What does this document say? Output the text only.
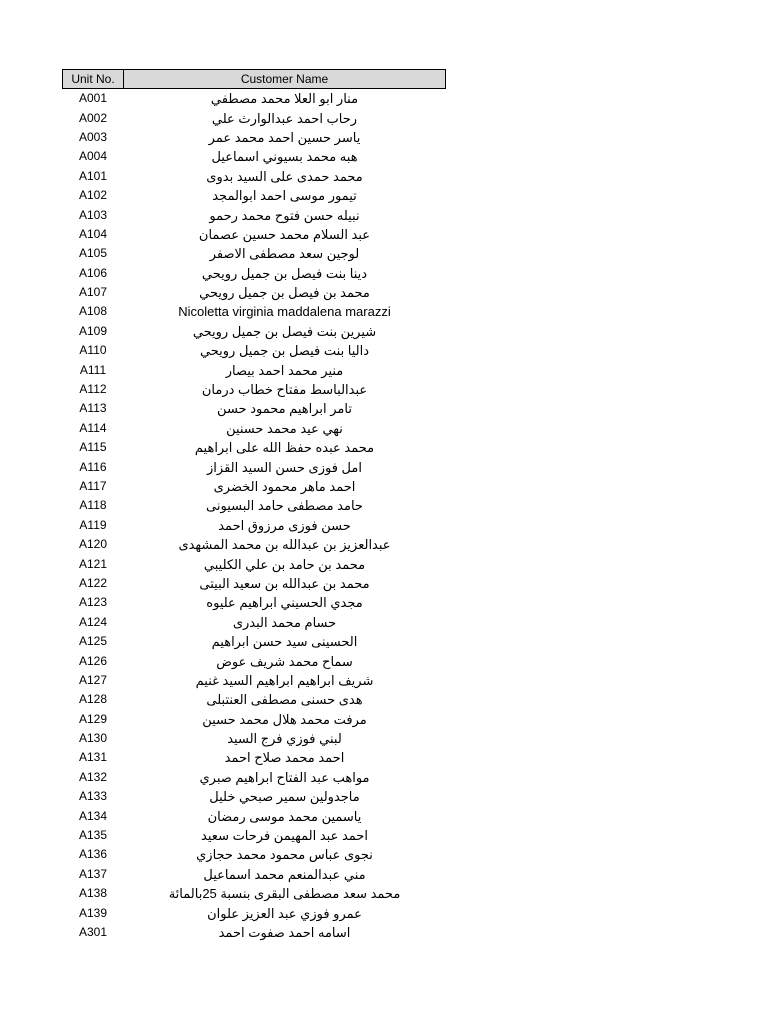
Unit No.	Customer Name
A001	منار ابو العلا محمد مصطفي
A002	رحاب احمد عبدالوارث علي
A003	ياسر حسين احمد محمد عمر
A004	هبه محمد بسيوني اسماعيل
A101	محمد حمدى على السيد بدوى
A102	تيمور موسى احمد ابوالمجد
A103	نبيله حسن فتوح محمد رحمو
A104	عبد السلام محمد حسين عصمان
A105	لوجين سعد مصطفى الاصفر
A106	دينا بنت فيصل بن جميل رويحي
A107	محمد بن فيصل بن جميل رويحي
A108	Nicoletta virginia maddalena marazzi
A109	شيرين بنت فيصل بن جميل رويحي
A110	داليا بنت فيصل بن جميل رويحي
A111	منير محمد احمد بيصار
A112	عبدالباسط مفتاح خطاب درمان
A113	تامر ابراهيم محمود حسن
A114	نهي عيد محمد حسنين
A115	محمد عبده حفظ الله على ابراهيم
A116	امل فوزى حسن السيد القزاز
A117	احمد ماهر محمود الخضرى
A118	حامد مصطفى حامد البسيونى
A119	حسن فوزى مرزوق احمد
A120	عبدالعزيز بن عبدالله بن محمد المشهدى
A121	محمد بن حامد بن علي الكليبي
A122	محمد بن عبدالله بن سعيد البيتى
A123	مجدي الحسيني ابراهيم عليوه
A124	حسام محمد البدرى
A125	الحسينى سيد حسن ابراهيم
A126	سماح محمد شريف عوض
A127	شريف ابراهيم ابراهيم السيد غنيم
A128	هدى حسنى مصطفى العنتبلى
A129	مرفت محمد هلال محمد حسين
A130	لبني فوزي فرج السيد
A131	احمد محمد صلاح احمد
A132	مواهب عبد الفتاح ابراهيم صبري
A133	ماجدولين سمير صبحي خليل
A134	ياسمين محمد موسى رمضان
A135	احمد عبد المهيمن فرحات سعيد
A136	نجوى عباس محمود محمد حجازي
A137	مني عبدالمنعم محمد اسماعيل
A138	محمد سعد مصطفى البقرى بنسبة 25بالمائة
A139	عمرو فوزي عبد العزيز علوان
A301	اسامه احمد صفوت احمد
